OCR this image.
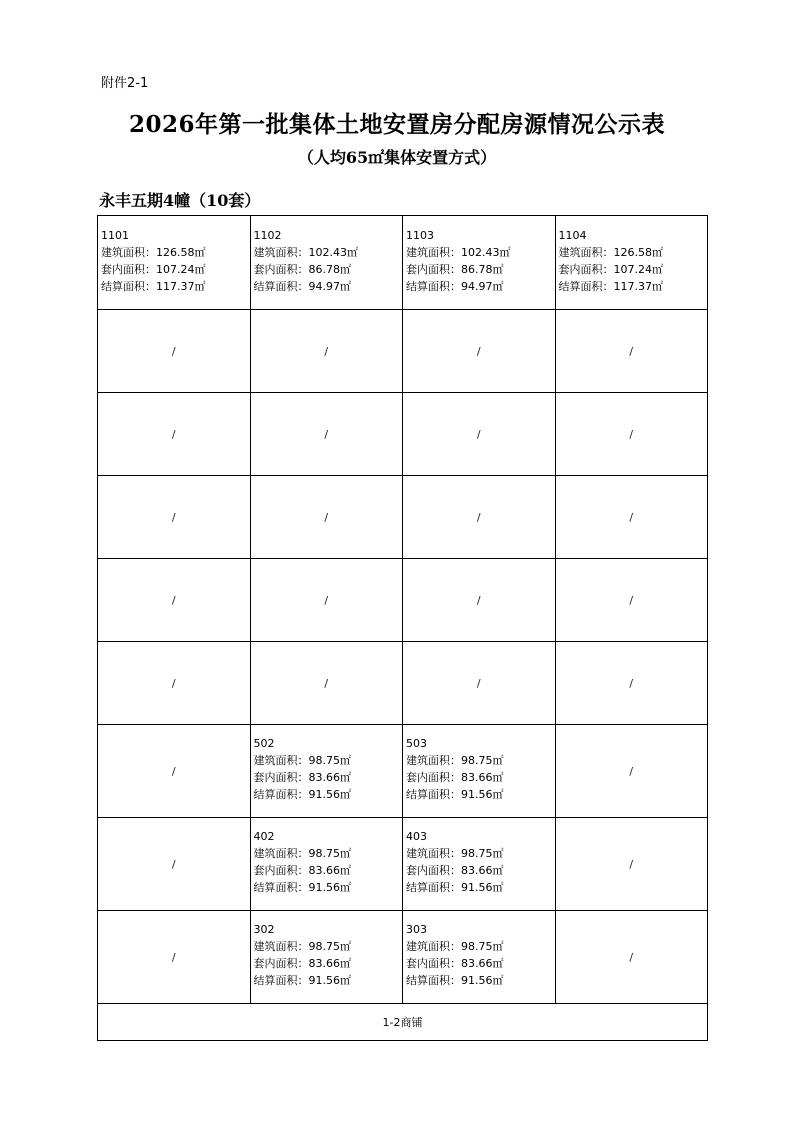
附件2-1
2026年第一批集体土地安置房分配房源情况公示表
（人均65㎡集体安置方式）
永丰五期4幢（10套）
1101
建筑面积：126.58㎡
套内面积：107.24㎡
结算面积：117.37㎡	1102
建筑面积：102.43㎡
套内面积：86.78㎡
结算面积：94.97㎡	1103
建筑面积：102.43㎡
套内面积：86.78㎡
结算面积：94.97㎡	1104
建筑面积：126.58㎡
套内面积：107.24㎡
结算面积：117.37㎡

/	/	/	/
/	/	/	/
/	/	/	/
/	/	/	/
/	/	/	/
/	502
建筑面积：98.75㎡
套内面积：83.66㎡
结算面积：91.56㎡	503
建筑面积：98.75㎡
套内面积：83.66㎡
结算面积：91.56㎡	/
/	402
建筑面积：98.75㎡
套内面积：83.66㎡
结算面积：91.56㎡	403
建筑面积：98.75㎡
套内面积：83.66㎡
结算面积：91.56㎡	/
/	302
建筑面积：98.75㎡
套内面积：83.66㎡
结算面积：91.56㎡	303
建筑面积：98.75㎡
套内面积：83.66㎡
结算面积：91.56㎡	/
1-2商铺			
